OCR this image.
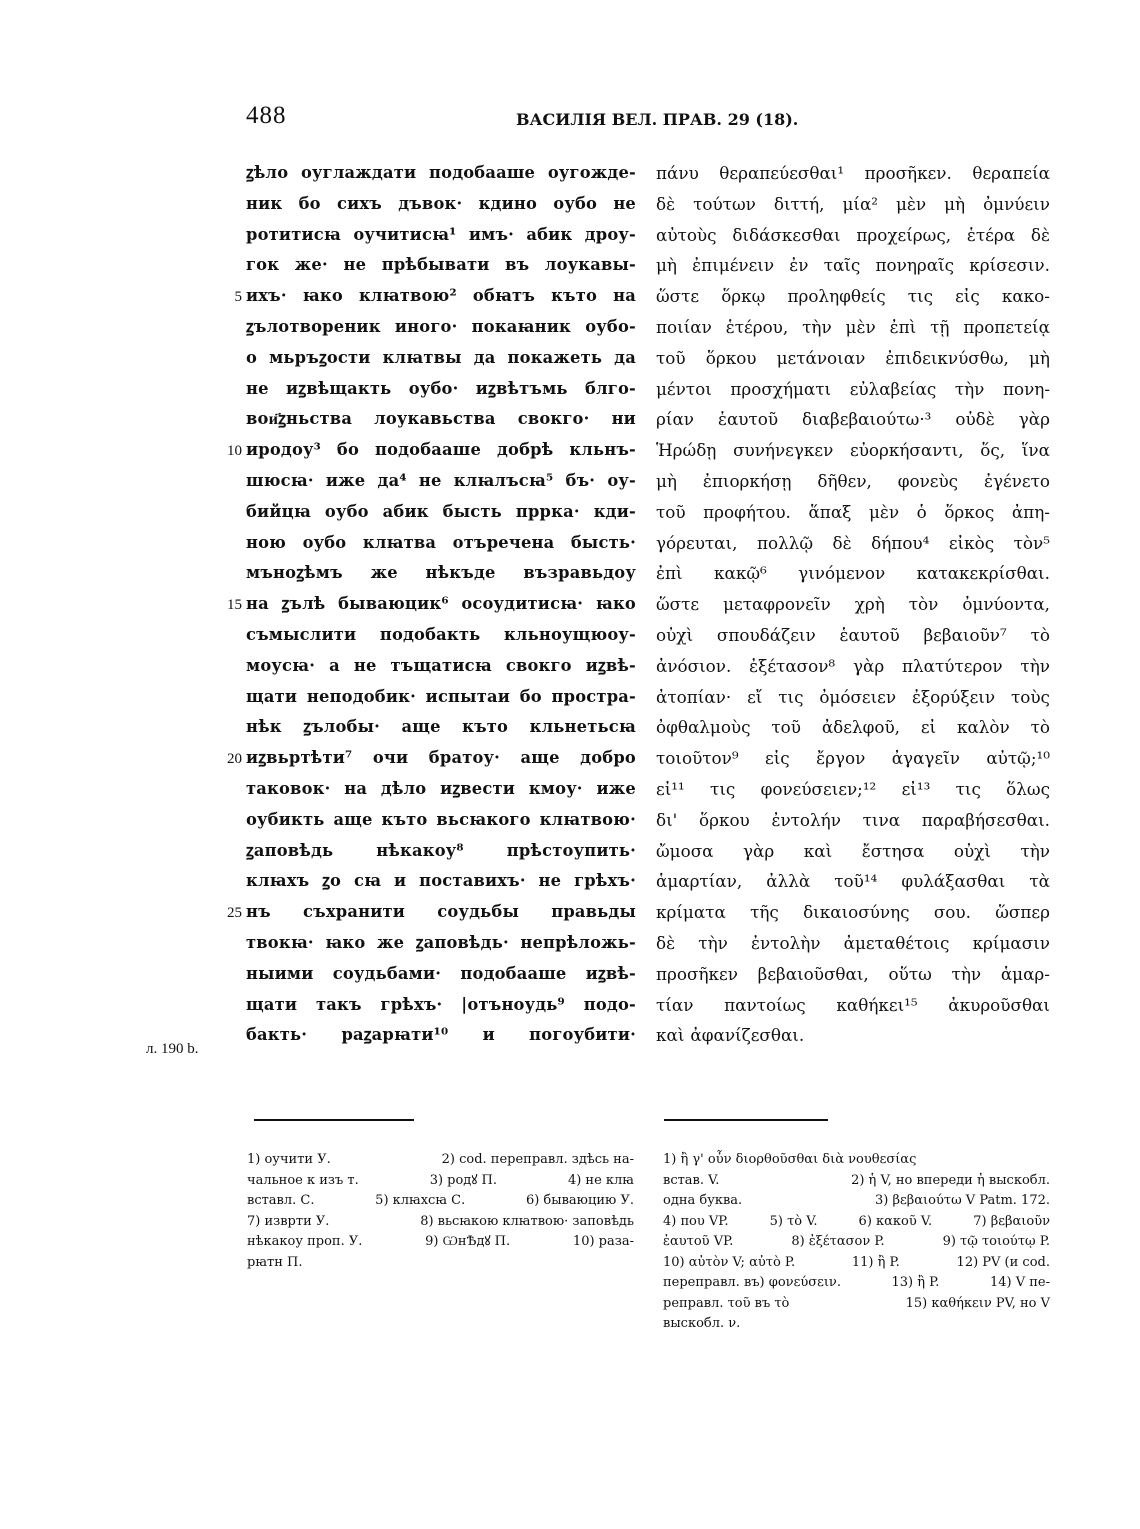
488	ВАСИЛІЯ ВЕЛ. ПРАВ. 29 (18).
ꙁѣло оуглаждати подобааше оугожде-
ник бо сихъ дъвок· кдино оубо не
ротитисꙗ оучитисꙗ¹ имъ· абик дроу-
гок же· не прѣбывати въ лоукавы-
ихъ· ꙗко клꙗтвою² обꙗтъ къто на
ꙁълотвореник иного· покаꙗник оубо-
о мьръꙁости клꙗтвы да покажеть да
не иꙁвѣщакть оубо· иꙁвѣтъмь блго-
вои҃ꙁньства лоукавьства свокго· ни
иродоу³ бо подобааше добрѣ кльнъ-
шюсꙗ· иже да⁴ не клꙗлъсꙗ⁵ бъ· оу-
бийцꙗ оубо абик бысть пррка· кди-
ною оубо клꙗтва отъречена бысть·
мъноꙁѣмъ же нѣкъде възравьдоу
на ꙁълѣ бываюцик⁶ осоудитисꙗ· ꙗко
съмыслити подобакть кльноущюоу-
моусꙗ· а не тъщатисꙗ свокго иꙁвѣ-
щати неподобик· испытаи бо простра-
нѣк ꙁълобы· аще къто кльнетьсꙗ
иꙁвьртѣти⁷ очи братоу· аще добро
таковок· на дѣло иꙁвести кмоу· иже
оубикть аще къто вьсꙗкого клꙗтвою·
ꙁаповѣдь	нѣкакоу⁸	прѣстоупить·
клꙗхъ ꙁо сꙗ и поставихъ· не грѣхъ·
нъ съхранити соудьбы правьды
твокꙗ· ꙗко же ꙁаповѣдь· непрѣложь-
ныими соудьбами· подобааше иꙁвѣ-
щати такъ грѣхъ· |отъноудь⁹ подо-
бакть· раꙁарꙗти¹⁰ и погоубити·
5
10
15
20
25
л. 190 b.
πάνυ θεραπεύεσθαι¹ προσῆκεν. θεραπεία
δὲ τούτων διττή, μία² μὲν μὴ ὀμνύειν
αὐτοὺς διδάσκεσθαι προχείρως, ἑτέρα δὲ
μὴ ἐπιμένειν ἐν ταῖς πονηραῖς κρίσεσιν.
ὥστε ὅρκῳ προληφθείς τις εἰς κακο-
ποιίαν ἑτέρου, τὴν μὲν ἐπὶ τῇ προπετείᾳ
τοῦ ὅρκου μετάνοιαν ἐπιδεικνύσθω, μὴ
μέντοι προσχήματι εὐλαβείας τὴν πονη-
ρίαν ἑαυτοῦ διαβεβαιούτω·³ οὐδὲ γὰρ
Ἡρώδῃ συνήνεγκεν εὐορκήσαντι, ὅς, ἵνα
μὴ ἐπιορκήσῃ δῆθεν, φονεὺς ἐγένετο
τοῦ προφήτου. ἅπαξ μὲν ὁ ὅρκος ἀπη-
γόρευται, πολλῷ δὲ δήπου⁴ εἰκὸς τὸν⁵
ἐπὶ κακῷ⁶ γινόμενον κατακεκρίσθαι.
ὥστε μεταφρονεῖν χρὴ τὸν ὀμνύοντα,
οὐχὶ σπουδάζειν ἑαυτοῦ βεβαιοῦν⁷ τὸ
ἀνόσιον. ἐξέτασον⁸ γὰρ πλατύτερον τὴν
ἀτοπίαν· εἴ τις ὀμόσειεν ἐξορύξειν τοὺς
ὀφθαλμοὺς τοῦ ἀδελφοῦ, εἰ καλὸν τὸ
τοιοῦτον⁹ εἰς ἔργον ἀγαγεῖν αὐτῷ;¹⁰
εἰ¹¹ τις φονεύσειεν;¹² εἰ¹³ τις ὅλως
δι' ὅρκου ἐντολήν τινα παραβήσεσθαι.
ὤμοσα γὰρ καὶ ἔστησα οὐχὶ τὴν
ἁμαρτίαν, ἀλλὰ τοῦ¹⁴ φυλάξασθαι τὰ
κρίματα τῆς δικαιοσύνης σου. ὥσπερ
δὲ τὴν ἐντολὴν ἀμεταθέτοις κρίμασιν
προσῆκεν βεβαιοῦσθαι, οὕτω τὴν ἁμαρ-
τίαν παντοίως καθήκει¹⁵ ἀκυροῦσθαι
καὶ ἀφανίζεσθαι.
1) оучити У.	2) cod. перепpавл. здѣсь на-
чальное к изъ т.	3) родꙋ П.	4) не клꙗ
вставл. С.	5) клꙗхсꙗ С.	6) бываюцию У.
7) изврти У.	8) вьсꙗкою клꙗтвою· заповѣдь
нѣкакоу проп. У.	9) ѠнѢдꙋ П.	10) раза-
рꙗтн П.
1) ἢ γ' οὖν διορθοῦσθαι διὰ νουθεσίας
встав. V.	2) ἡ V, но впереди ἡ выскобл.
одна буква.	3) βεβαιούτω V Patm. 172.
4) που VP.	5) τὸ V.	6) κακοῦ V.	7) βεβαιοῦν
ἑαυτοῦ VP.	8) ἐξέτασον P.	9) τῷ τοιούτῳ P.
10) αὐτὸν V; αὐτὸ P.	11) ἢ P.	12) PV (и cod.
перепpавл. въ) φονεύσειν.	13) ἢ P.	14) V пе-
репpавл. τοῦ въ τὸ	15) καθήκειν PV, но V
выскобл. ν.
